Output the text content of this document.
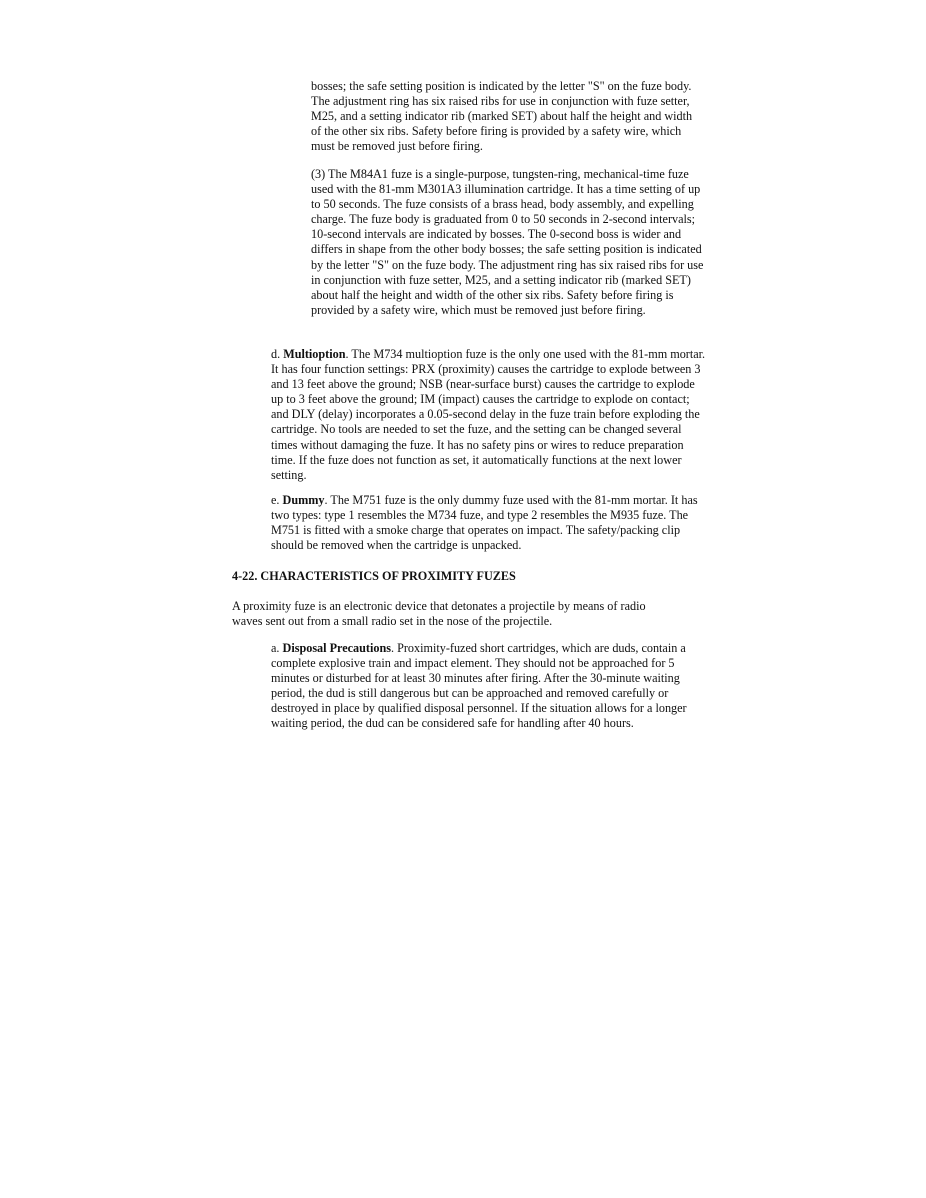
bosses; the safe setting position is indicated by the letter "S" on the fuze body. The adjustment ring has six raised ribs for use in conjunction with fuze setter, M25, and a setting indicator rib (marked SET) about half the height and width of the other six ribs. Safety before firing is provided by a safety wire, which must be removed just before firing.

(3) The M84A1 fuze is a single-purpose, tungsten-ring, mechanical-time fuze used with the 81-mm M301A3 illumination cartridge. It has a time setting of up to 50 seconds. The fuze consists of a brass head, body assembly, and expelling charge. The fuze body is graduated from 0 to 50 seconds in 2-second intervals; 10-second intervals are indicated by bosses. The 0-second boss is wider and differs in shape from the other body bosses; the safe setting position is indicated by the letter "S" on the fuze body. The adjustment ring has six raised ribs for use in conjunction with fuze setter, M25, and a setting indicator rib (marked SET) about half the height and width of the other six ribs. Safety before firing is provided by a safety wire, which must be removed just before firing.

d. Multioption. The M734 multioption fuze is the only one used with the 81-mm mortar. It has four function settings: PRX (proximity) causes the cartridge to explode between 3 and 13 feet above the ground; NSB (near-surface burst) causes the cartridge to explode up to 3 feet above the ground; IM (impact) causes the cartridge to explode on contact; and DLY (delay) incorporates a 0.05-second delay in the fuze train before exploding the cartridge. No tools are needed to set the fuze, and the setting can be changed several times without damaging the fuze. It has no safety pins or wires to reduce preparation time. If the fuze does not function as set, it automatically functions at the next lower setting.

e. Dummy. The M751 fuze is the only dummy fuze used with the 81-mm mortar. It has two types: type 1 resembles the M734 fuze, and type 2 resembles the M935 fuze. The M751 is fitted with a smoke charge that operates on impact. The safety/packing clip should be removed when the cartridge is unpacked.

4-22. CHARACTERISTICS OF PROXIMITY FUZES

A proximity fuze is an electronic device that detonates a projectile by means of radio waves sent out from a small radio set in the nose of the projectile.

a. Disposal Precautions. Proximity-fuzed short cartridges, which are duds, contain a complete explosive train and impact element. They should not be approached for 5 minutes or disturbed for at least 30 minutes after firing. After the 30-minute waiting period, the dud is still dangerous but can be approached and removed carefully or destroyed in place by qualified disposal personnel. If the situation allows for a longer waiting period, the dud can be considered safe for handling after 40 hours.
